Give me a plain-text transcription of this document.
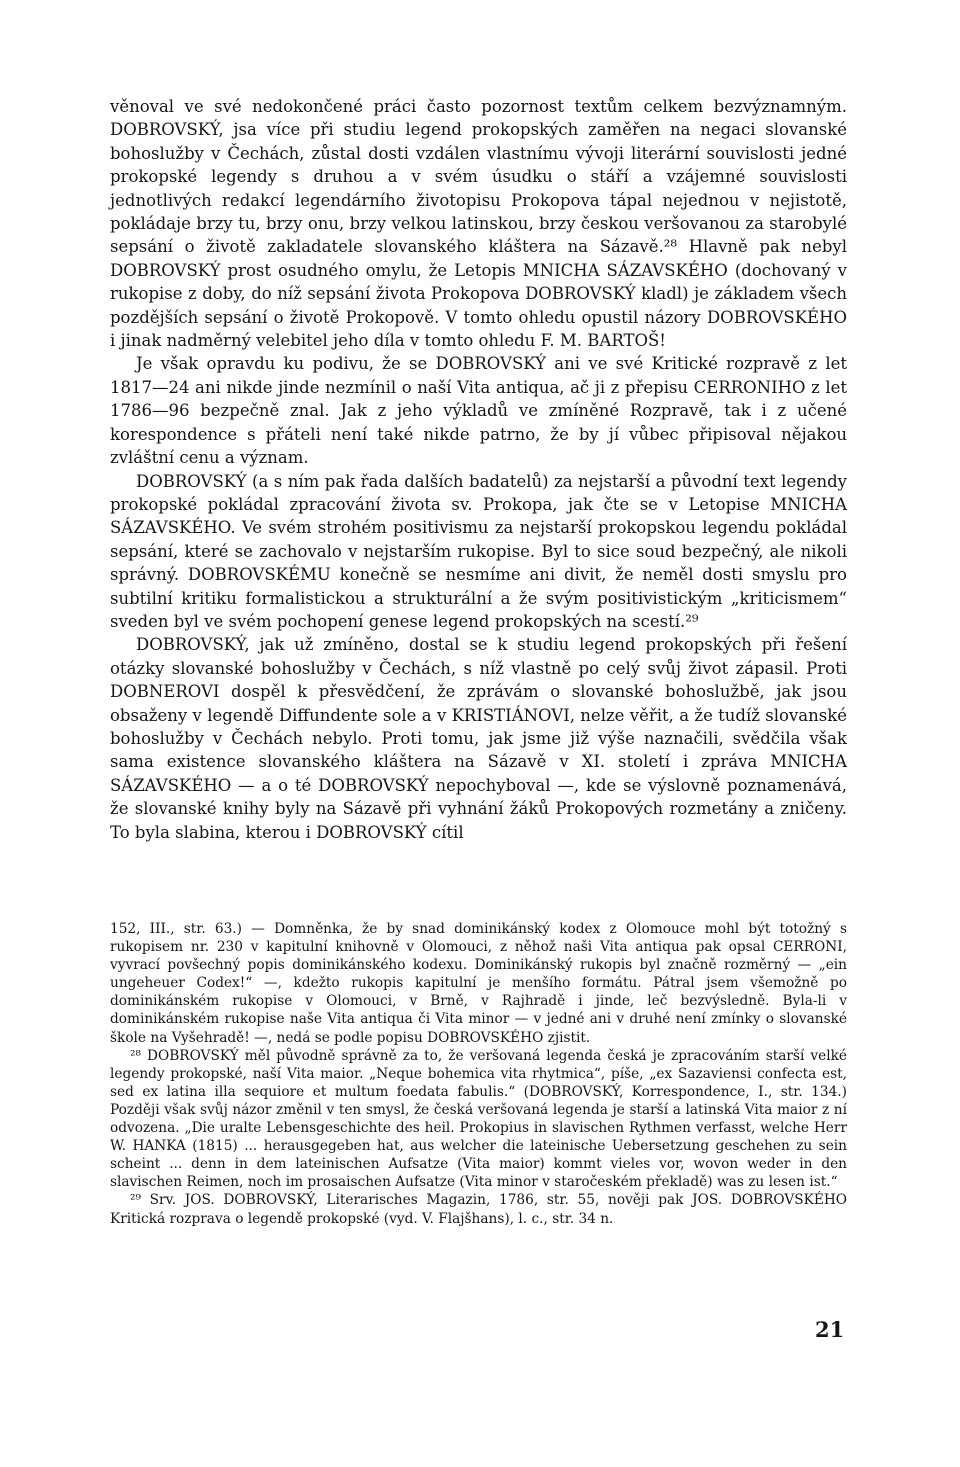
věnoval ve své nedokončené práci často pozornost textům celkem bezvýznamným. DOBROVSKÝ, jsa více při studiu legend prokopských zaměřen na negaci slovanské bohoslužby v Čechách, zůstal dosti vzdálen vlastnímu vývoji literární souvislosti jedné prokopské legendy s druhou a v svém úsudku o stáří a vzájemné souvislosti jednotlivých redakcí legendárního životopisu Prokopova tápal nejednou v nejistotě, pokládaje brzy tu, brzy onu, brzy velkou latinskou, brzy českou veršovanou za starobylé sepsání o životě zakladatele slovanského kláštera na Sázavě.²⁸ Hlavně pak nebyl DOBROVSKÝ prost osudného omylu, že Letopis MNICHA SÁZAVSKÉHO (dochovaný v rukopise z doby, do níž sepsání života Prokopova DOBROVSKÝ kladl) je základem všech pozdějších sepsání o životě Prokopově. V tomto ohledu opustil názory DOBROVSKÉHO i jinak nadměrný velebitel jeho díla v tomto ohledu F. M. BARTOŠ!

Je však opravdu ku podivu, že se DOBROVSKÝ ani ve své Kritické rozpravě z let 1817—24 ani nikde jinde nezmínil o naší Vita antiqua, ač ji z přepisu CERRONIHO z let 1786—96 bezpečně znal. Jak z jeho výkladů ve zmíněné Rozpravě, tak i z učené korespondence s přáteli není také nikde patrno, že by jí vůbec připisoval nějakou zvláštní cenu a význam.

DOBROVSKÝ (a s ním pak řada dalších badatelů) za nejstarší a původní text legendy prokopské pokládal zpracování života sv. Prokopa, jak čte se v Letopise MNICHA SÁZAVSKÉHO. Ve svém strohém positivismu za nejstarší prokopskou legendu pokládal sepsání, které se zachovalo v nejstarším rukopise. Byl to sice soud bezpečný, ale nikoli správný. DOBROVSKÉMU konečně se nesmíme ani divit, že neměl dosti smyslu pro subtilní kritiku formalistickou a strukturální a že svým positivistickým „kriticismem“ sveden byl ve svém pochopení genese legend prokopských na scestí.²⁹

DOBROVSKÝ, jak už zmíněno, dostal se k studiu legend prokopských při řešení otázky slovanské bohoslužby v Čechách, s níž vlastně po celý svůj život zápasil. Proti DOBNEROVI dospěl k přesvědčení, že zprávám o slovanské bohoslužbě, jak jsou obsaženy v legendě Diffundente sole a v KRISTIÁNOVI, nelze věřit, a že tudíž slovanské bohoslužby v Čechách nebylo. Proti tomu, jak jsme již výše naznačili, svědčila však sama existence slovanského kláštera na Sázavě v XI. století i zpráva MNICHA SÁZAVSKÉHO — a o té DOBROVSKÝ nepochyboval —, kde se výslovně poznamenává, že slovanské knihy byly na Sázavě při vyhnání žáků Prokopových rozmetány a zničeny. To byla slabina, kterou i DOBROVSKÝ cítil

152, III., str. 63.) — Domněnka, že by snad dominikánský kodex z Olomouce mohl být totožný s rukopisem nr. 230 v kapitulní knihovně v Olomouci, z něhož naši Vita antiqua pak opsal CERRONI, vyvrací povšechný popis dominikánského kodexu. Dominikánský rukopis byl značně rozměrný — „ein ungeheuer Codex!“ —, kdežto rukopis kapitulní je menšího formátu. Pátral jsem všemožně po dominikánském rukopise v Olomouci, v Brně, v Rajhradě i jinde, leč bezvýsledně. Byla-li v dominikánském rukopise naše Vita antiqua či Vita minor — v jedné ani v druhé není zmínky o slovanské škole na Vyšehradě! —, nedá se podle popisu DOBROVSKÉHO zjistit.

²⁸ DOBROVSKÝ měl původně správně za to, že veršovaná legenda česká je zpracováním starší velké legendy prokopské, naší Vita maior. „Neque bohemica vita rhytmica“, píše, „ex Sazaviensi confecta est, sed ex latina illa sequiore et multum foedata fabulis.“ (DOBROVSKÝ, Korrespondence, I., str. 134.) Později však svůj názor změnil v ten smysl, že česká veršovaná legenda je starší a latinská Vita maior z ní odvozena. „Die uralte Lebensgeschichte des heil. Prokopius in slavischen Rythmen verfasst, welche Herr W. HANKA (1815) ... herausgegeben hat, aus welcher die lateinische Uebersetzung geschehen zu sein scheint ... denn in dem lateinischen Aufsatze (Vita maior) kommt vieles vor, wovon weder in den slavischen Reimen, noch im prosaischen Aufsatze (Vita minor v staročeském překladě) was zu lesen ist.“

²⁹ Srv. JOS. DOBROVSKÝ, Literarisches Magazin, 1786, str. 55, nověji pak JOS. DOBROVSKÉHO Kritická rozprava o legendě prokopské (vyd. V. Flajšhans), l. c., str. 34 n.

21
